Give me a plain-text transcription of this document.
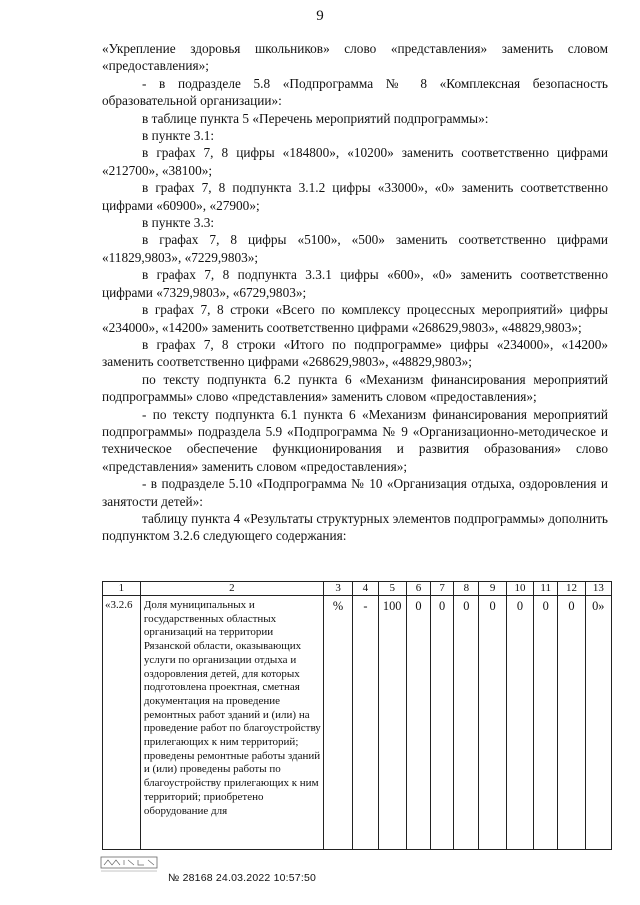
9

«Укрепление здоровья школьников» слово «представления» заменить словом «предоставления»;

- в подразделе 5.8 «Подпрограмма № 8 «Комплексная безопасность образовательной организации»:

в таблице пункта 5 «Перечень мероприятий подпрограммы»:

в пункте 3.1:

в графах 7, 8 цифры «184800», «10200» заменить соответственно цифрами «212700», «38100»;

в графах 7, 8 подпункта 3.1.2 цифры «33000», «0» заменить соответственно цифрами «60900», «27900»;

в пункте 3.3:

в графах 7, 8 цифры «5100», «500» заменить соответственно цифрами «11829,9803», «7229,9803»;

в графах 7, 8 подпункта 3.3.1 цифры «600», «0» заменить соответственно цифрами «7329,9803», «6729,9803»;

в графах 7, 8 строки «Всего по комплексу процессных мероприятий» цифры «234000», «14200» заменить соответственно цифрами «268629,9803», «48829,9803»;

в графах 7, 8 строки «Итого по подпрограмме» цифры «234000», «14200» заменить соответственно цифрами «268629,9803», «48829,9803»;

по тексту подпункта 6.2 пункта 6 «Механизм финансирования мероприятий подпрограммы» слово «представления» заменить словом «предоставления»;

- по тексту подпункта 6.1 пункта 6 «Механизм финансирования мероприятий подпрограммы» подраздела 5.9 «Подпрограмма № 9 «Организационно-методическое и техническое обеспечение функционирования и развития образования» слово «представления» заменить словом «предоставления»;

- в подразделе 5.10 «Подпрограмма № 10 «Организация отдыха, оздоровления и занятости детей»:

таблицу пункта 4 «Результаты структурных элементов подпрограммы» дополнить подпунктом 3.2.6 следующего содержания:

1	2	3	4	5	6	7	8	9	10	11	12	13
«3.2.6	Доля муниципальных и государственных областных организаций на территории Рязанской области, оказывающих услуги по организации отдыха и оздоровления детей, для которых подготовлена проектная, сметная документация на проведение ремонтных работ зданий и (или) на проведение работ по благоустройству прилегающих к ним территорий; проведены ремонтные работы зданий и (или) проведены работы по благоустройству прилегающих к ним территорий; приобретено оборудование для	%	-	100	0	0	0	0	0	0	0	0»
№ 28168 24.03.2022 10:57:50
